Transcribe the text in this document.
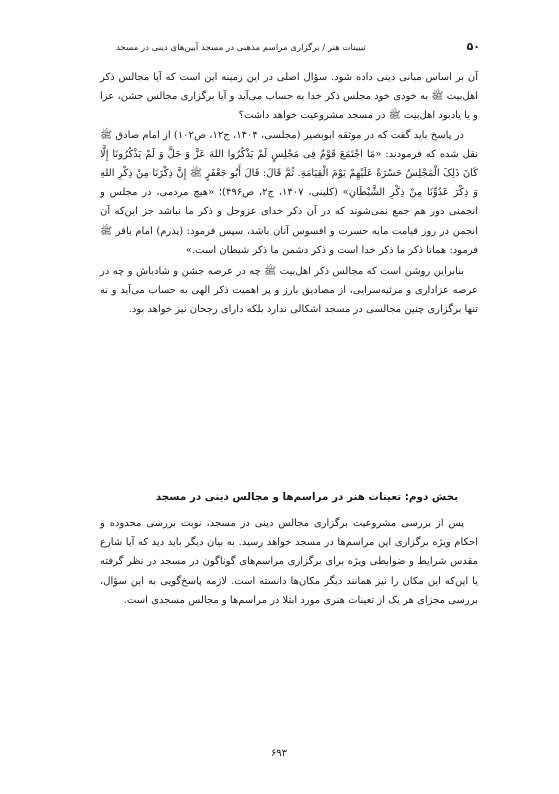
۵۰
تبیینات هنر / برگزاری مراسم مذهبی در مسجد آیین‌های دینی در مسجد

آن بر اساس مبانی دینی داده شود. سؤال اصلی در این زمینه این است که آیا مجالس ذکر اهل‌بیت ﷺ به خودی خود مجلس ذکر خدا به حساب می‌آید و آیا برگزاری مجالس جشن، عزا و یا یادبود اهل‌بیت ﷺ در مسجد مشروعیت خواهد داشت؟

در پاسخ باید گفت که در موثقه ابوبصیر (مجلسی، ۱۴۰۴، ج۱۲، ص۱۰۲) از امام صادق ﷺ نقل شده که فرمودند: «مَا اجْتَمَعَ قَوْمٌ فِی مَجْلِسٍ لَمْ یَذْکُرُوا اللهَ عَزَّ وَ جَلَّ وَ لَمْ یَذْکُرُونَا إِلَّا کَانَ ذَلِکَ الْمَجْلِسُ حَسْرَةً عَلَیْهِمْ یَوْمَ الْقِیَامَةِ. ثُمَّ قَالَ: قَالَ أَبُو جَعْفَرٍ ﷺ إِنَّ ذِکْرَنَا مِنْ ذِکْرِ اللهِ وَ ذِکْرَ عَدُوِّنَا مِنْ ذِکْرِ الشَّیْطَانِ» (کلینی، ۱۴۰۷، ج۲، ص۴۹۶)؛ «هیچ مردمی، در مجلس و انجمنی دور هم جمع نمی‌شوند که در آن ذکر خدای عزوجل و ذکر ما نباشد جز این‌که آن انجمن در روز قیامت مایه حسرت و افسوس آنان باشد، سپس فرمود: (پدرم) امام باقر ﷺ فرمود: همانا ذکر ما ذکر خدا است و ذکر دشمن ما ذکر شیطان است.»

بنابراین روشن است که مجالس ذکر اهل‌بیت ﷺ چه در عرصه جشن و شادباش و چه در عرصه عزاداری و مرثیه‌سرایی، از مصادیق بارز و پر اهمیت ذکر الهی به حساب می‌آید و نه تنها برگزاری چنین مجالسی در مسجد اشکالی ندارد بلکه دارای رجحان نیز خواهد بود.

بخش دوم: تعینات هنر در مراسم‌ها و مجالس دینی در مسجد

پس از بررسی مشروعیت برگزاری مجالس دینی در مسجد، نوبت بررسی محدوده و احکام ویژه برگزاری این مراسم‌ها در مسجد خواهد رسید. به بیان دیگر باید دید که آیا شارع مقدس شرایط و ضوابطی ویژه برای برگزاری مراسم‌های گوناگون در مسجد در نظر گرفته یا این‌که این مکان را نیز همانند دیگر مکان‌ها دانسته است. لازمه پاسخ‌گویی به این سؤال، بررسی مجزای هر یک از تعینات هنری مورد ابتلا در مراسم‌ها و مجالس مسجدی است.

۶۹۳
